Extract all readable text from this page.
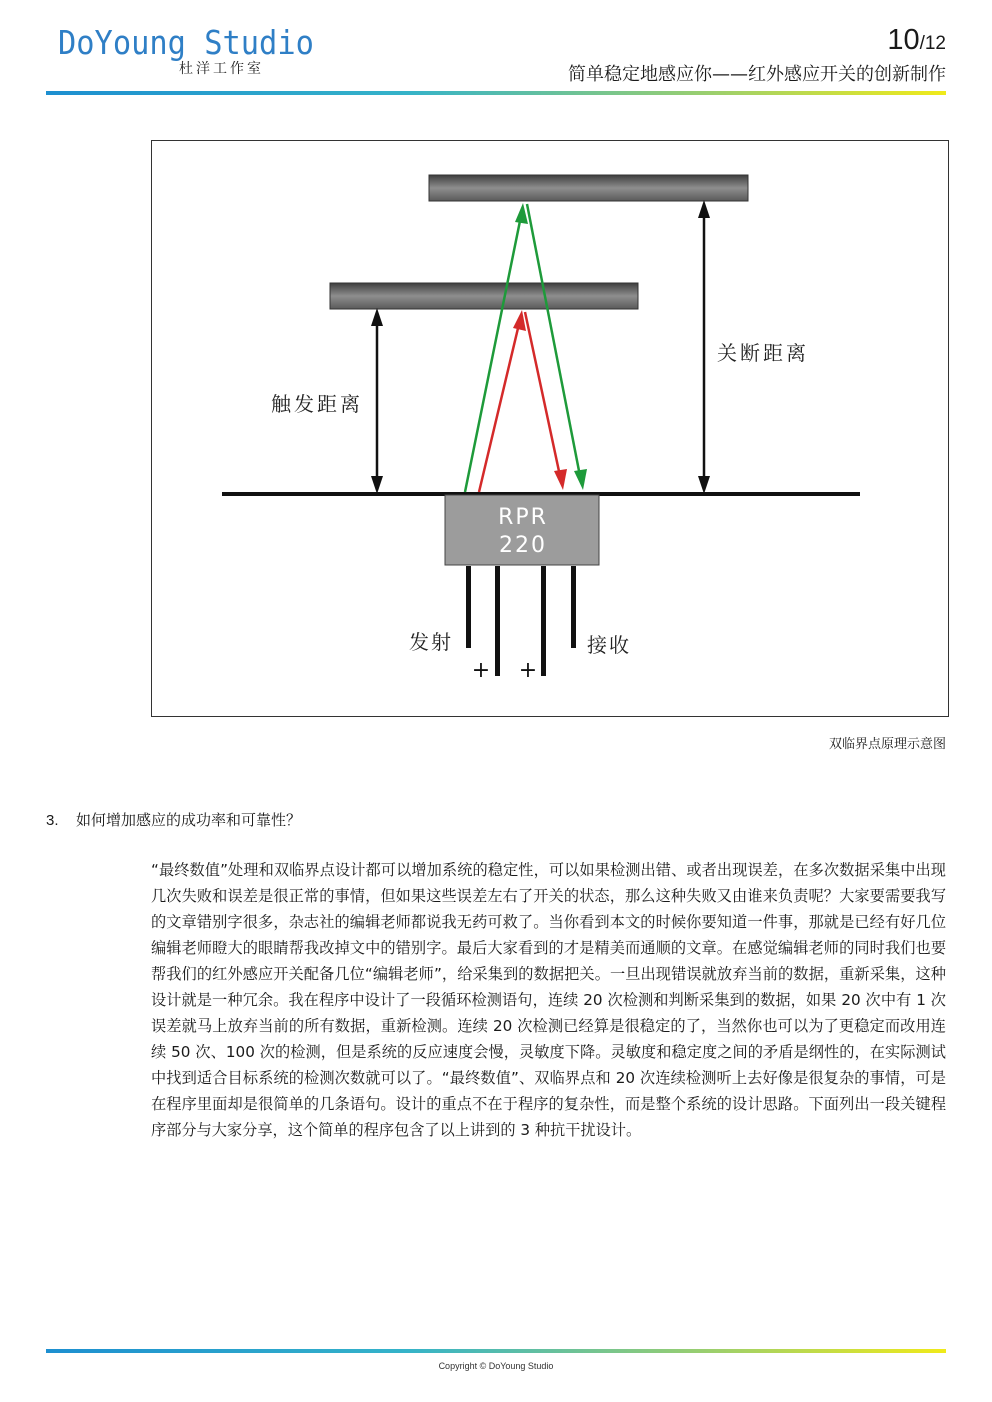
DoYoung Studio
杜洋工作室
10/12
简单稳定地感应你——红外感应开关的创新制作
RPR
220
+ +
触发距离
关断距离
发射	接收
双临界点原理示意图
3. 如何增加感应的成功率和可靠性？
“最终数值”处理和双临界点设计都可以增加系统的稳定性，可以如果检测出错、或者出现误差，在多次数据采集中出现几次失败和误差是很正常的事情，但如果这些误差左右了开关的状态，那么这种失败又由谁来负责呢？大家要需要我写的文章错别字很多，杂志社的编辑老师都说我无药可救了。当你看到本文的时候你要知道一件事，那就是已经有好几位编辑老师瞪大的眼睛帮我改掉文中的错别字。最后大家看到的才是精美而通顺的文章。在感觉编辑老师的同时我们也要帮我们的红外感应开关配备几位“编辑老师”，给采集到的数据把关。一旦出现错误就放弃当前的数据，重新采集，这种设计就是一种冗余。我在程序中设计了一段循环检测语句，连续 20 次检测和判断采集到的数据，如果 20 次中有 1 次误差就马上放弃当前的所有数据，重新检测。连续 20 次检测已经算是很稳定的了，当然你也可以为了更稳定而改用连续 50 次、100 次的检测，但是系统的反应速度会慢，灵敏度下降。灵敏度和稳定度之间的矛盾是纲性的，在实际测试中找到适合目标系统的检测次数就可以了。“最终数值”、双临界点和 20 次连续检测听上去好像是很复杂的事情，可是在程序里面却是很简单的几条语句。设计的重点不在于程序的复杂性，而是整个系统的设计思路。下面列出一段关键程序部分与大家分享，这个简单的程序包含了以上讲到的 3 种抗干扰设计。
Copyright © DoYoung Studio
